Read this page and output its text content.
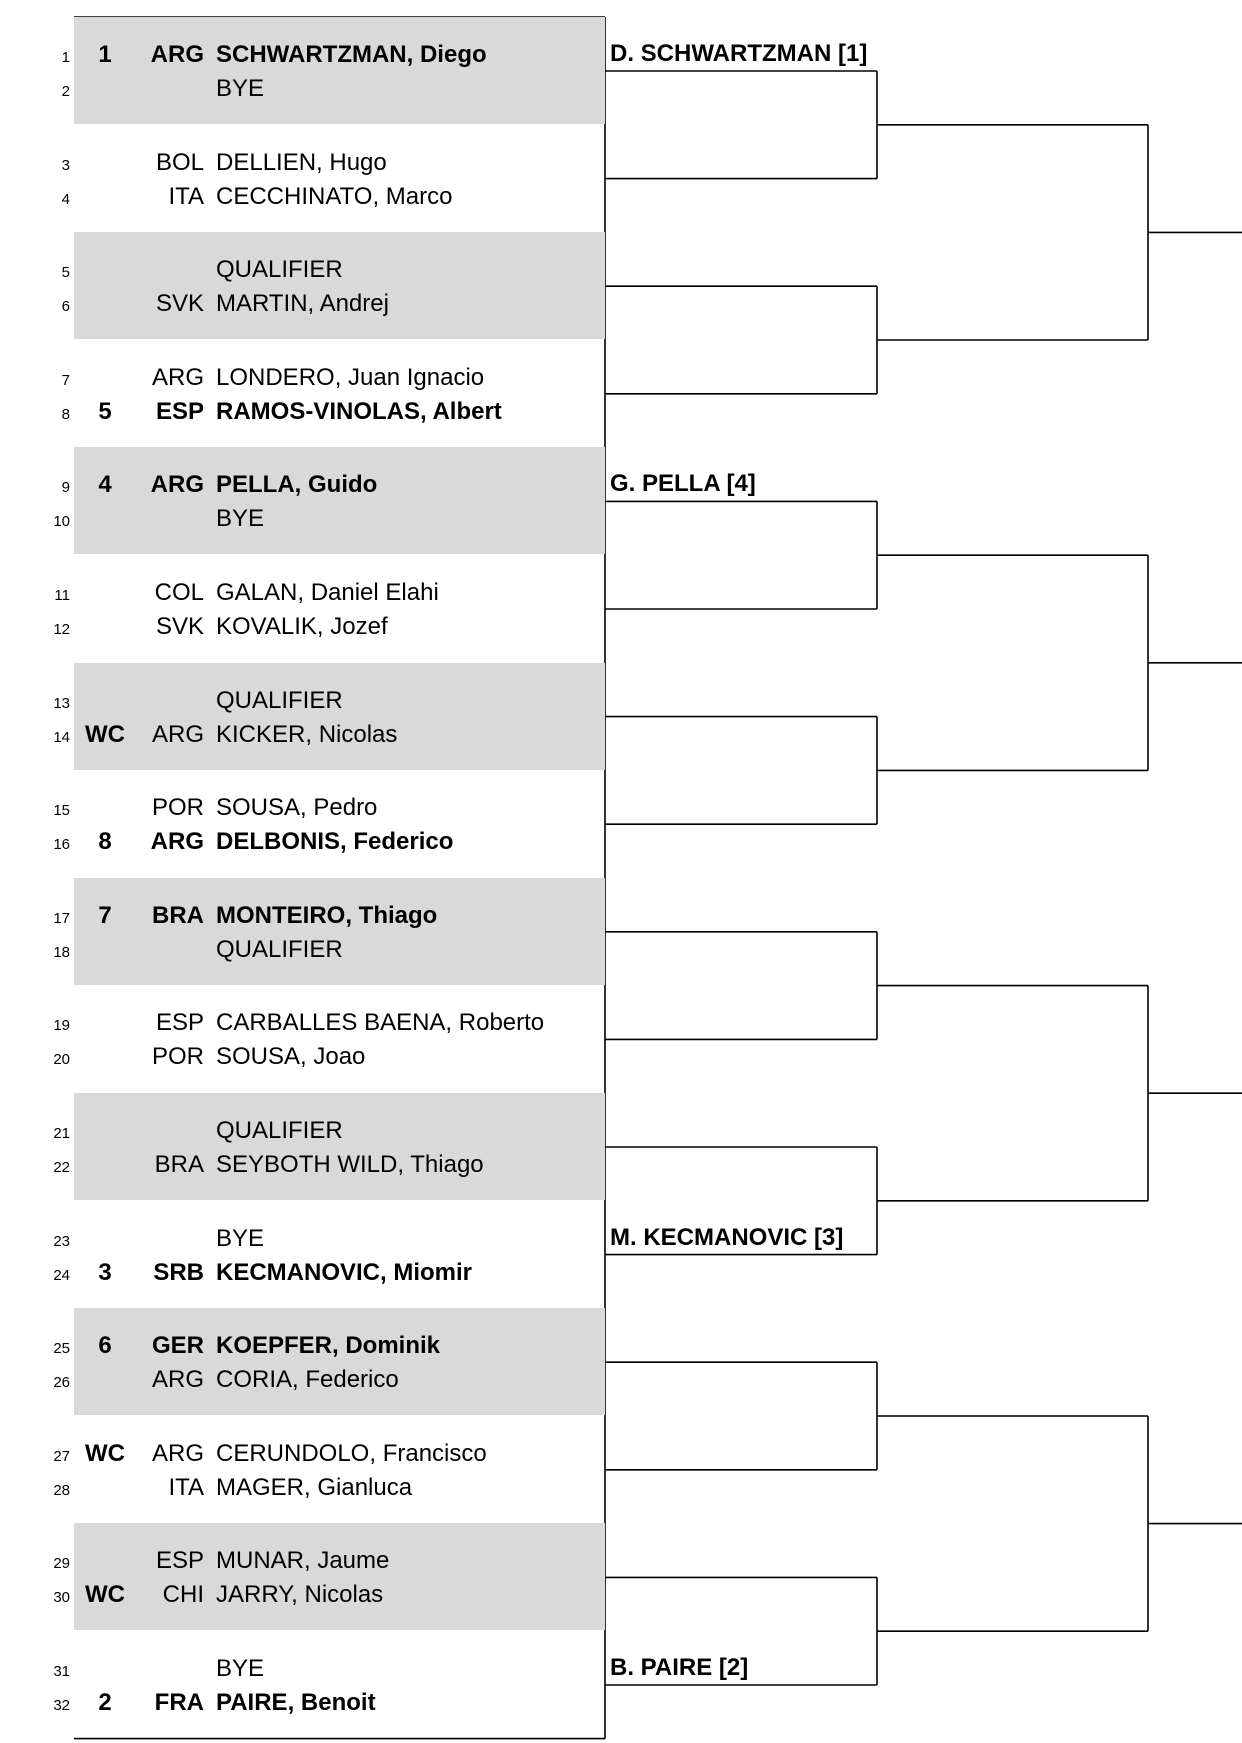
1	1	ARG SCHWARTZMAN, Diego
2	BYE
3	BOL DELLIEN, Hugo
4	ITA CECCHINATO, Marco
5	QUALIFIER
6	SVK MARTIN, Andrej
7	ARG LONDERO, Juan Ignacio
8	5	ESP RAMOS-VINOLAS, Albert
9	4	ARG PELLA, Guido
10	BYE
11	COL GALAN, Daniel Elahi
12	SVK KOVALIK, Jozef
13	QUALIFIER
14 WC	ARG KICKER, Nicolas
15	POR SOUSA, Pedro
16	8	ARG DELBONIS, Federico
17	7	BRA MONTEIRO, Thiago
18	QUALIFIER
19	ESP CARBALLES BAENA, Roberto
20	POR SOUSA, Joao
21	QUALIFIER
22	BRA SEYBOTH WILD, Thiago
23	BYE
24	3	SRB KECMANOVIC, Miomir
25	6	GER KOEPFER, Dominik
26	ARG CORIA, Federico
27 WC	ARG CERUNDOLO, Francisco
28	ITA MAGER, Gianluca
29	ESP MUNAR, Jaume
30 WC	CHI JARRY, Nicolas
31	BYE
32	2	FRA PAIRE, Benoit
D. SCHWARTZMAN [1]
G. PELLA [4]
M. KECMANOVIC [3]
B. PAIRE [2]
